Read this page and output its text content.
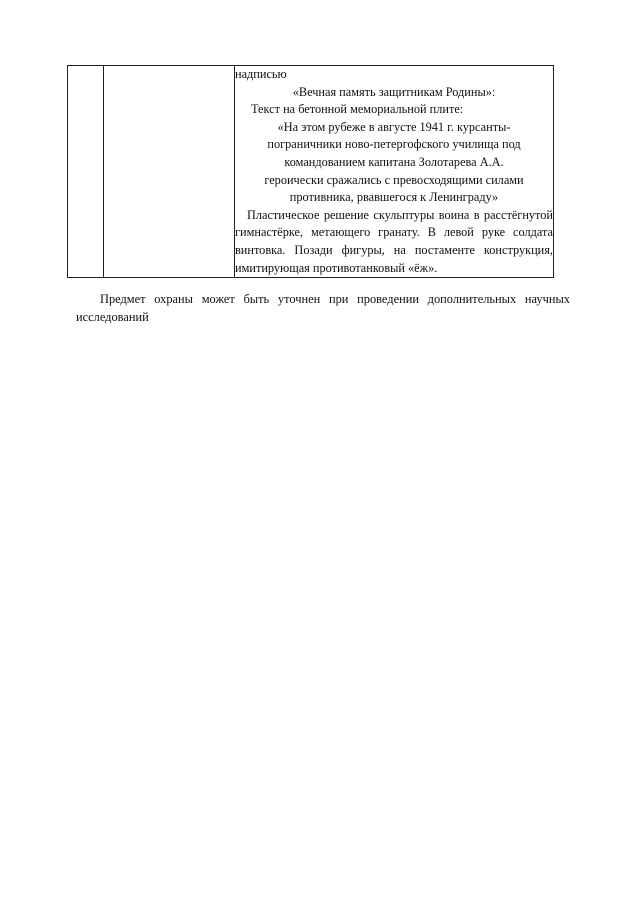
надписью

«Вечная память защитникам Родины»:

Текст на бетонной мемориальной плите:

«На этом рубеже в августе 1941 г. курсанты-

пограничники ново-петергофского училища под

командованием капитана Золотарева А.А.

героически сражались с превосходящими силами

противника, рвавшегося к Ленинграду»

Пластическое решение скульптуры воина в расстёгнутой гимнастёрке, метающего гранату. В левой руке солдата винтовка. Позади фигуры, на постаменте конструкция, имитирующая противотанковый «ёж».

Предмет охраны может быть уточнен при проведении дополнительных научных исследований
